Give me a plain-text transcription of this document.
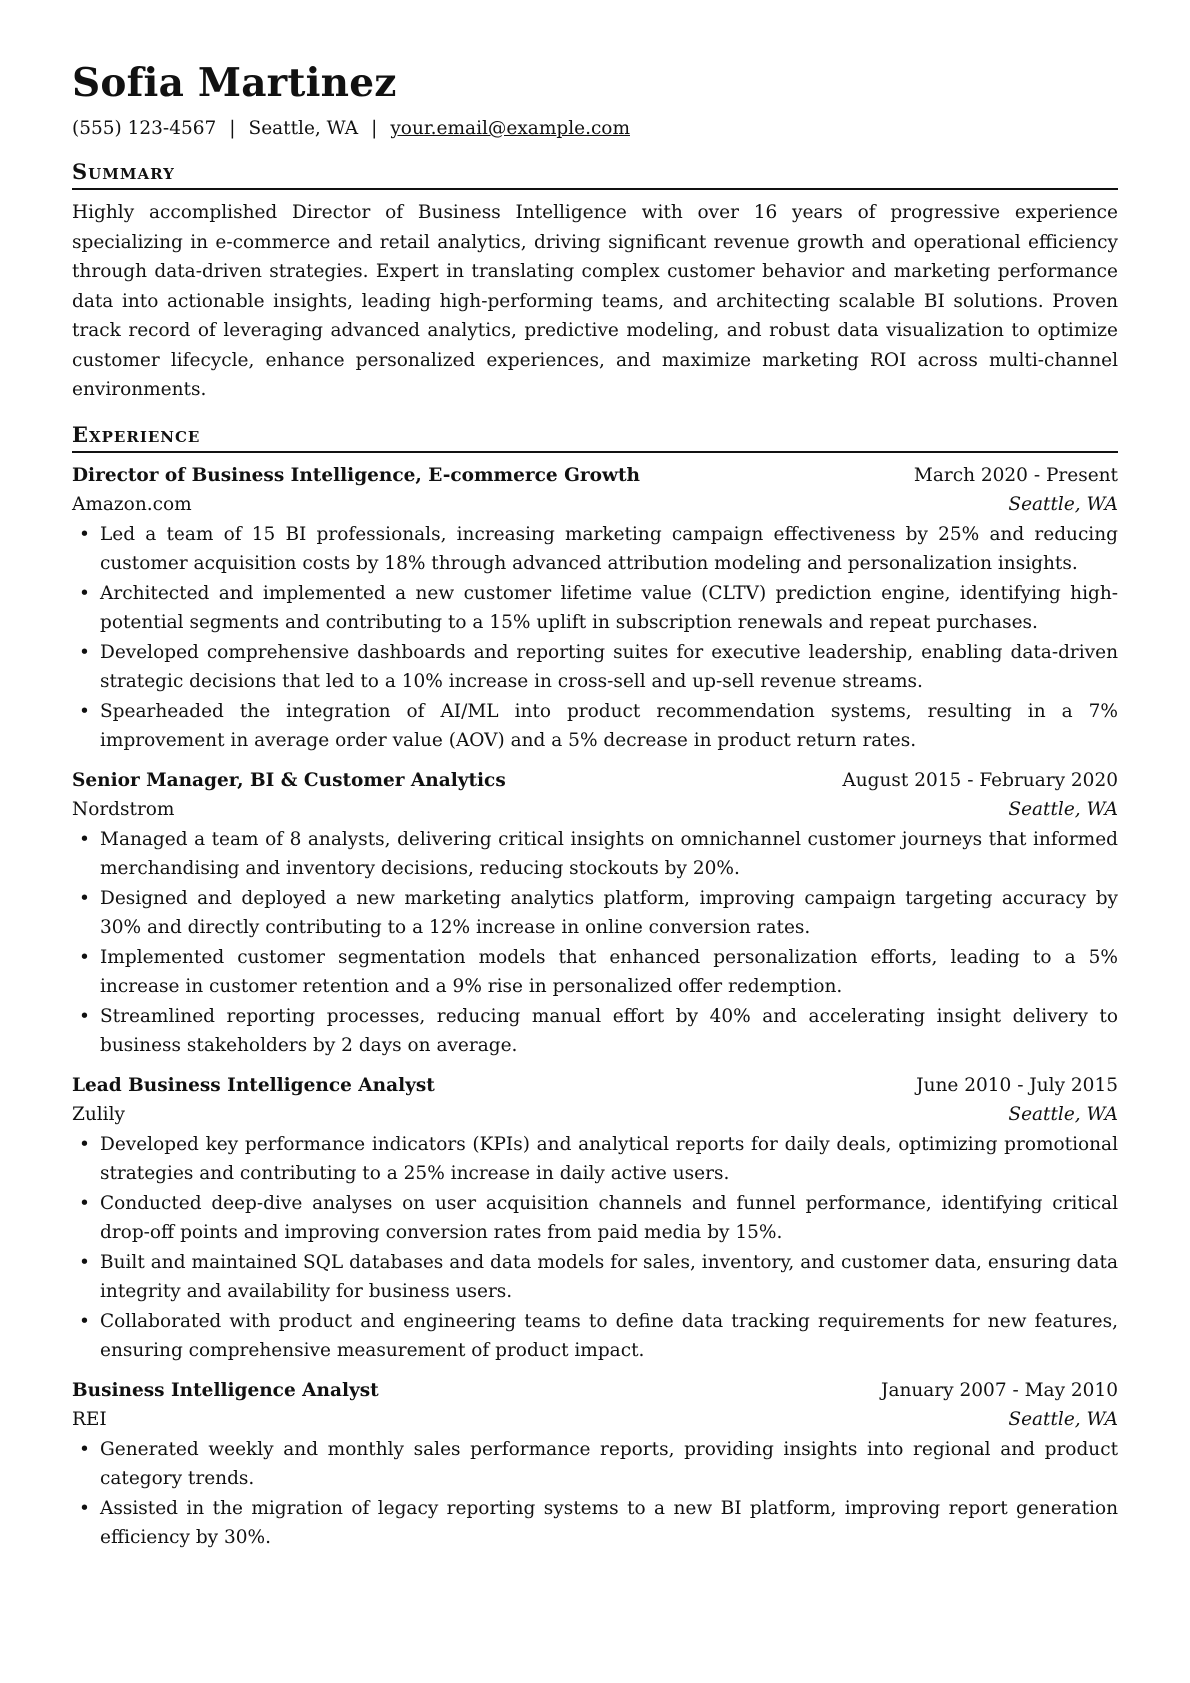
Sofia Martinez
(555) 123-4567 | Seattle, WA | your.email@example.com
Summary

Highly accomplished Director of Business Intelligence with over 16 years of progressive experience specializing in e-commerce and retail analytics, driving significant revenue growth and operational efficiency through data-driven strategies. Expert in translating complex customer behavior and marketing performance data into actionable insights, leading high-performing teams, and architecting scalable BI solutions. Proven track record of leveraging advanced analytics, predictive modeling, and robust data visualization to optimize customer lifecycle, enhance personalized experiences, and maximize marketing ROI across multi-channel environments.

Experience
Director of Business Intelligence, E-commerce Growth	March 2020 - Present
Amazon.com	Seattle, WA
• Led a team of 15 BI professionals, increasing marketing campaign effectiveness by 25% and reducing customer acquisition costs by 18% through advanced attribution modeling and personalization insights.
• Architected and implemented a new customer lifetime value (CLTV) prediction engine, identifying high-potential segments and contributing to a 15% uplift in subscription renewals and repeat purchases.
• Developed comprehensive dashboards and reporting suites for executive leadership, enabling data-driven strategic decisions that led to a 10% increase in cross-sell and up-sell revenue streams.
• Spearheaded the integration of AI/ML into product recommendation systems, resulting in a 7% improvement in average order value (AOV) and a 5% decrease in product return rates.
Senior Manager, BI & Customer Analytics	August 2015 - February 2020
Nordstrom	Seattle, WA
• Managed a team of 8 analysts, delivering critical insights on omnichannel customer journeys that informed merchandising and inventory decisions, reducing stockouts by 20%.
• Designed and deployed a new marketing analytics platform, improving campaign targeting accuracy by 30% and directly contributing to a 12% increase in online conversion rates.
• Implemented customer segmentation models that enhanced personalization efforts, leading to a 5% increase in customer retention and a 9% rise in personalized offer redemption.
• Streamlined reporting processes, reducing manual effort by 40% and accelerating insight delivery to business stakeholders by 2 days on average.
Lead Business Intelligence Analyst	June 2010 - July 2015
Zulily	Seattle, WA
• Developed key performance indicators (KPIs) and analytical reports for daily deals, optimizing promotional strategies and contributing to a 25% increase in daily active users.
• Conducted deep-dive analyses on user acquisition channels and funnel performance, identifying critical drop-off points and improving conversion rates from paid media by 15%.
• Built and maintained SQL databases and data models for sales, inventory, and customer data, ensuring data integrity and availability for business users.
• Collaborated with product and engineering teams to define data tracking requirements for new features, ensuring comprehensive measurement of product impact.
Business Intelligence Analyst	January 2007 - May 2010
REI	Seattle, WA
• Generated weekly and monthly sales performance reports, providing insights into regional and product category trends.
• Assisted in the migration of legacy reporting systems to a new BI platform, improving report generation efficiency by 30%.
